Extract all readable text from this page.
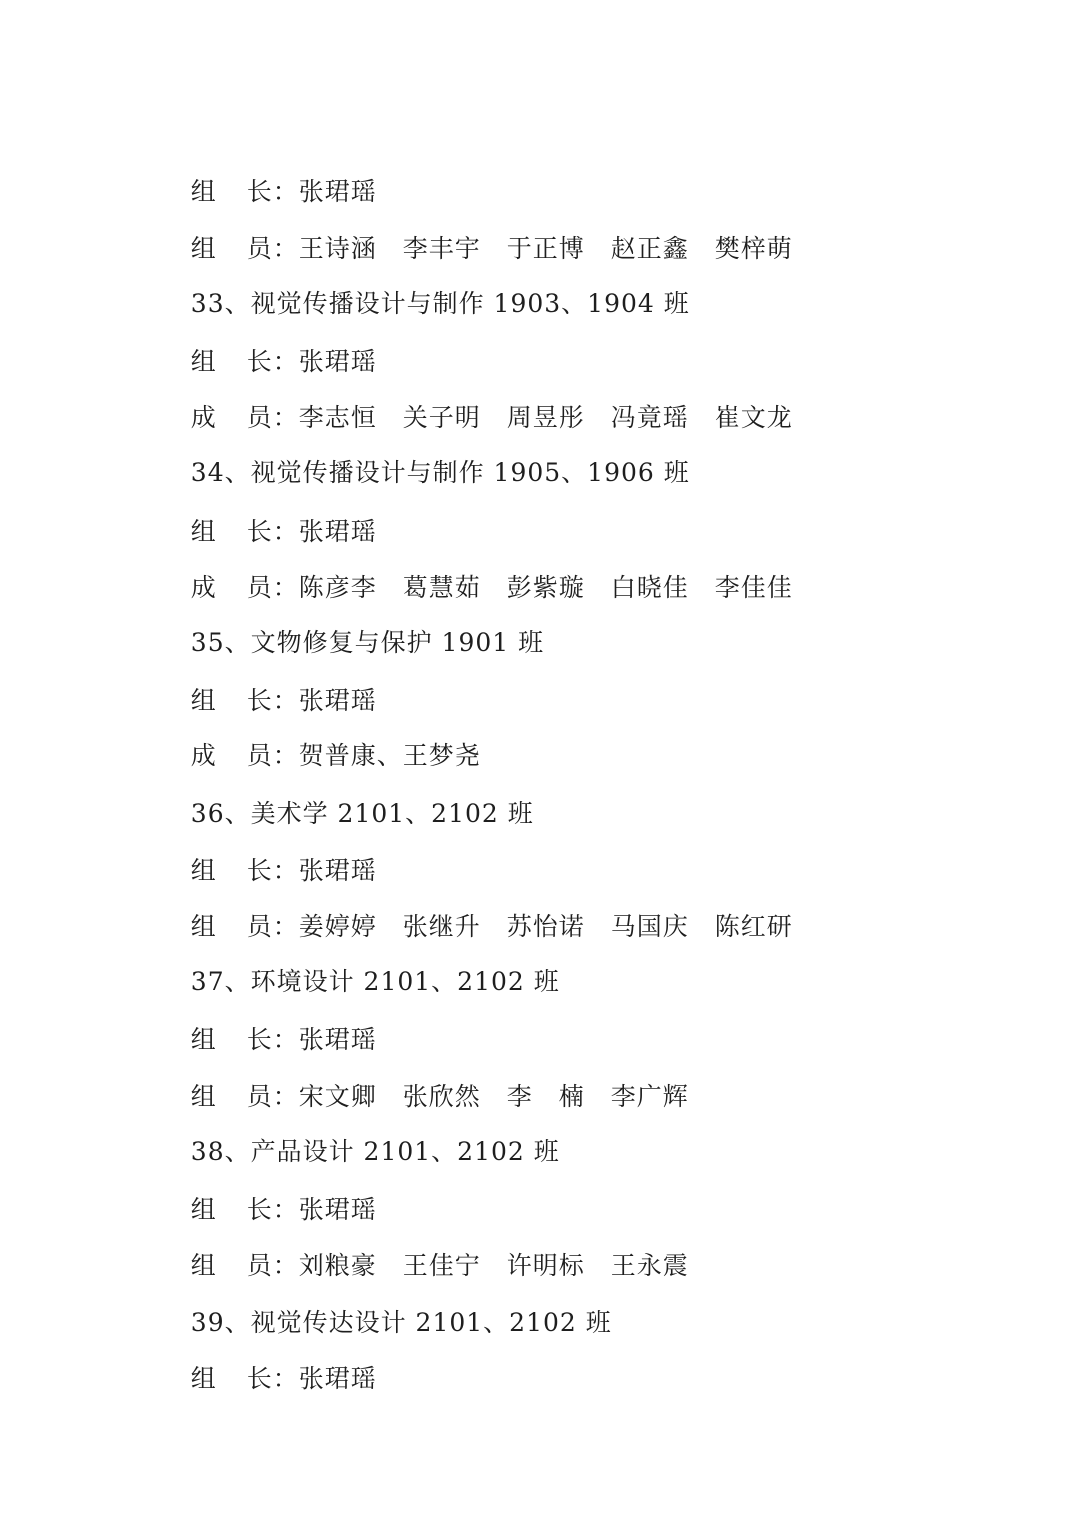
组 长：张珺瑶

组 员：王诗涵　李丰宇　于正博　赵正鑫　樊梓萌

33、视觉传播设计与制作 1903、1904 班

组 长：张珺瑶

成 员：李志恒　关子明　周昱彤　冯竟瑶　崔文龙

34、视觉传播设计与制作 1905、1906 班

组 长：张珺瑶

成 员：陈彦李　葛慧茹　彭紫璇　白晓佳　李佳佳

35、文物修复与保护 1901 班

组 长：张珺瑶

成 员：贺普康、王梦尧

36、美术学 2101、2102 班

组 长：张珺瑶

组 员：姜婷婷　张继升　苏怡诺　马国庆　陈红研

37、环境设计 2101、2102 班

组 长：张珺瑶

组 员：宋文卿　张欣然　李　楠　李广辉

38、产品设计 2101、2102 班

组 长：张珺瑶

组 员：刘粮豪　王佳宁　许明标　王永震

39、视觉传达设计 2101、2102 班

组 长：张珺瑶
